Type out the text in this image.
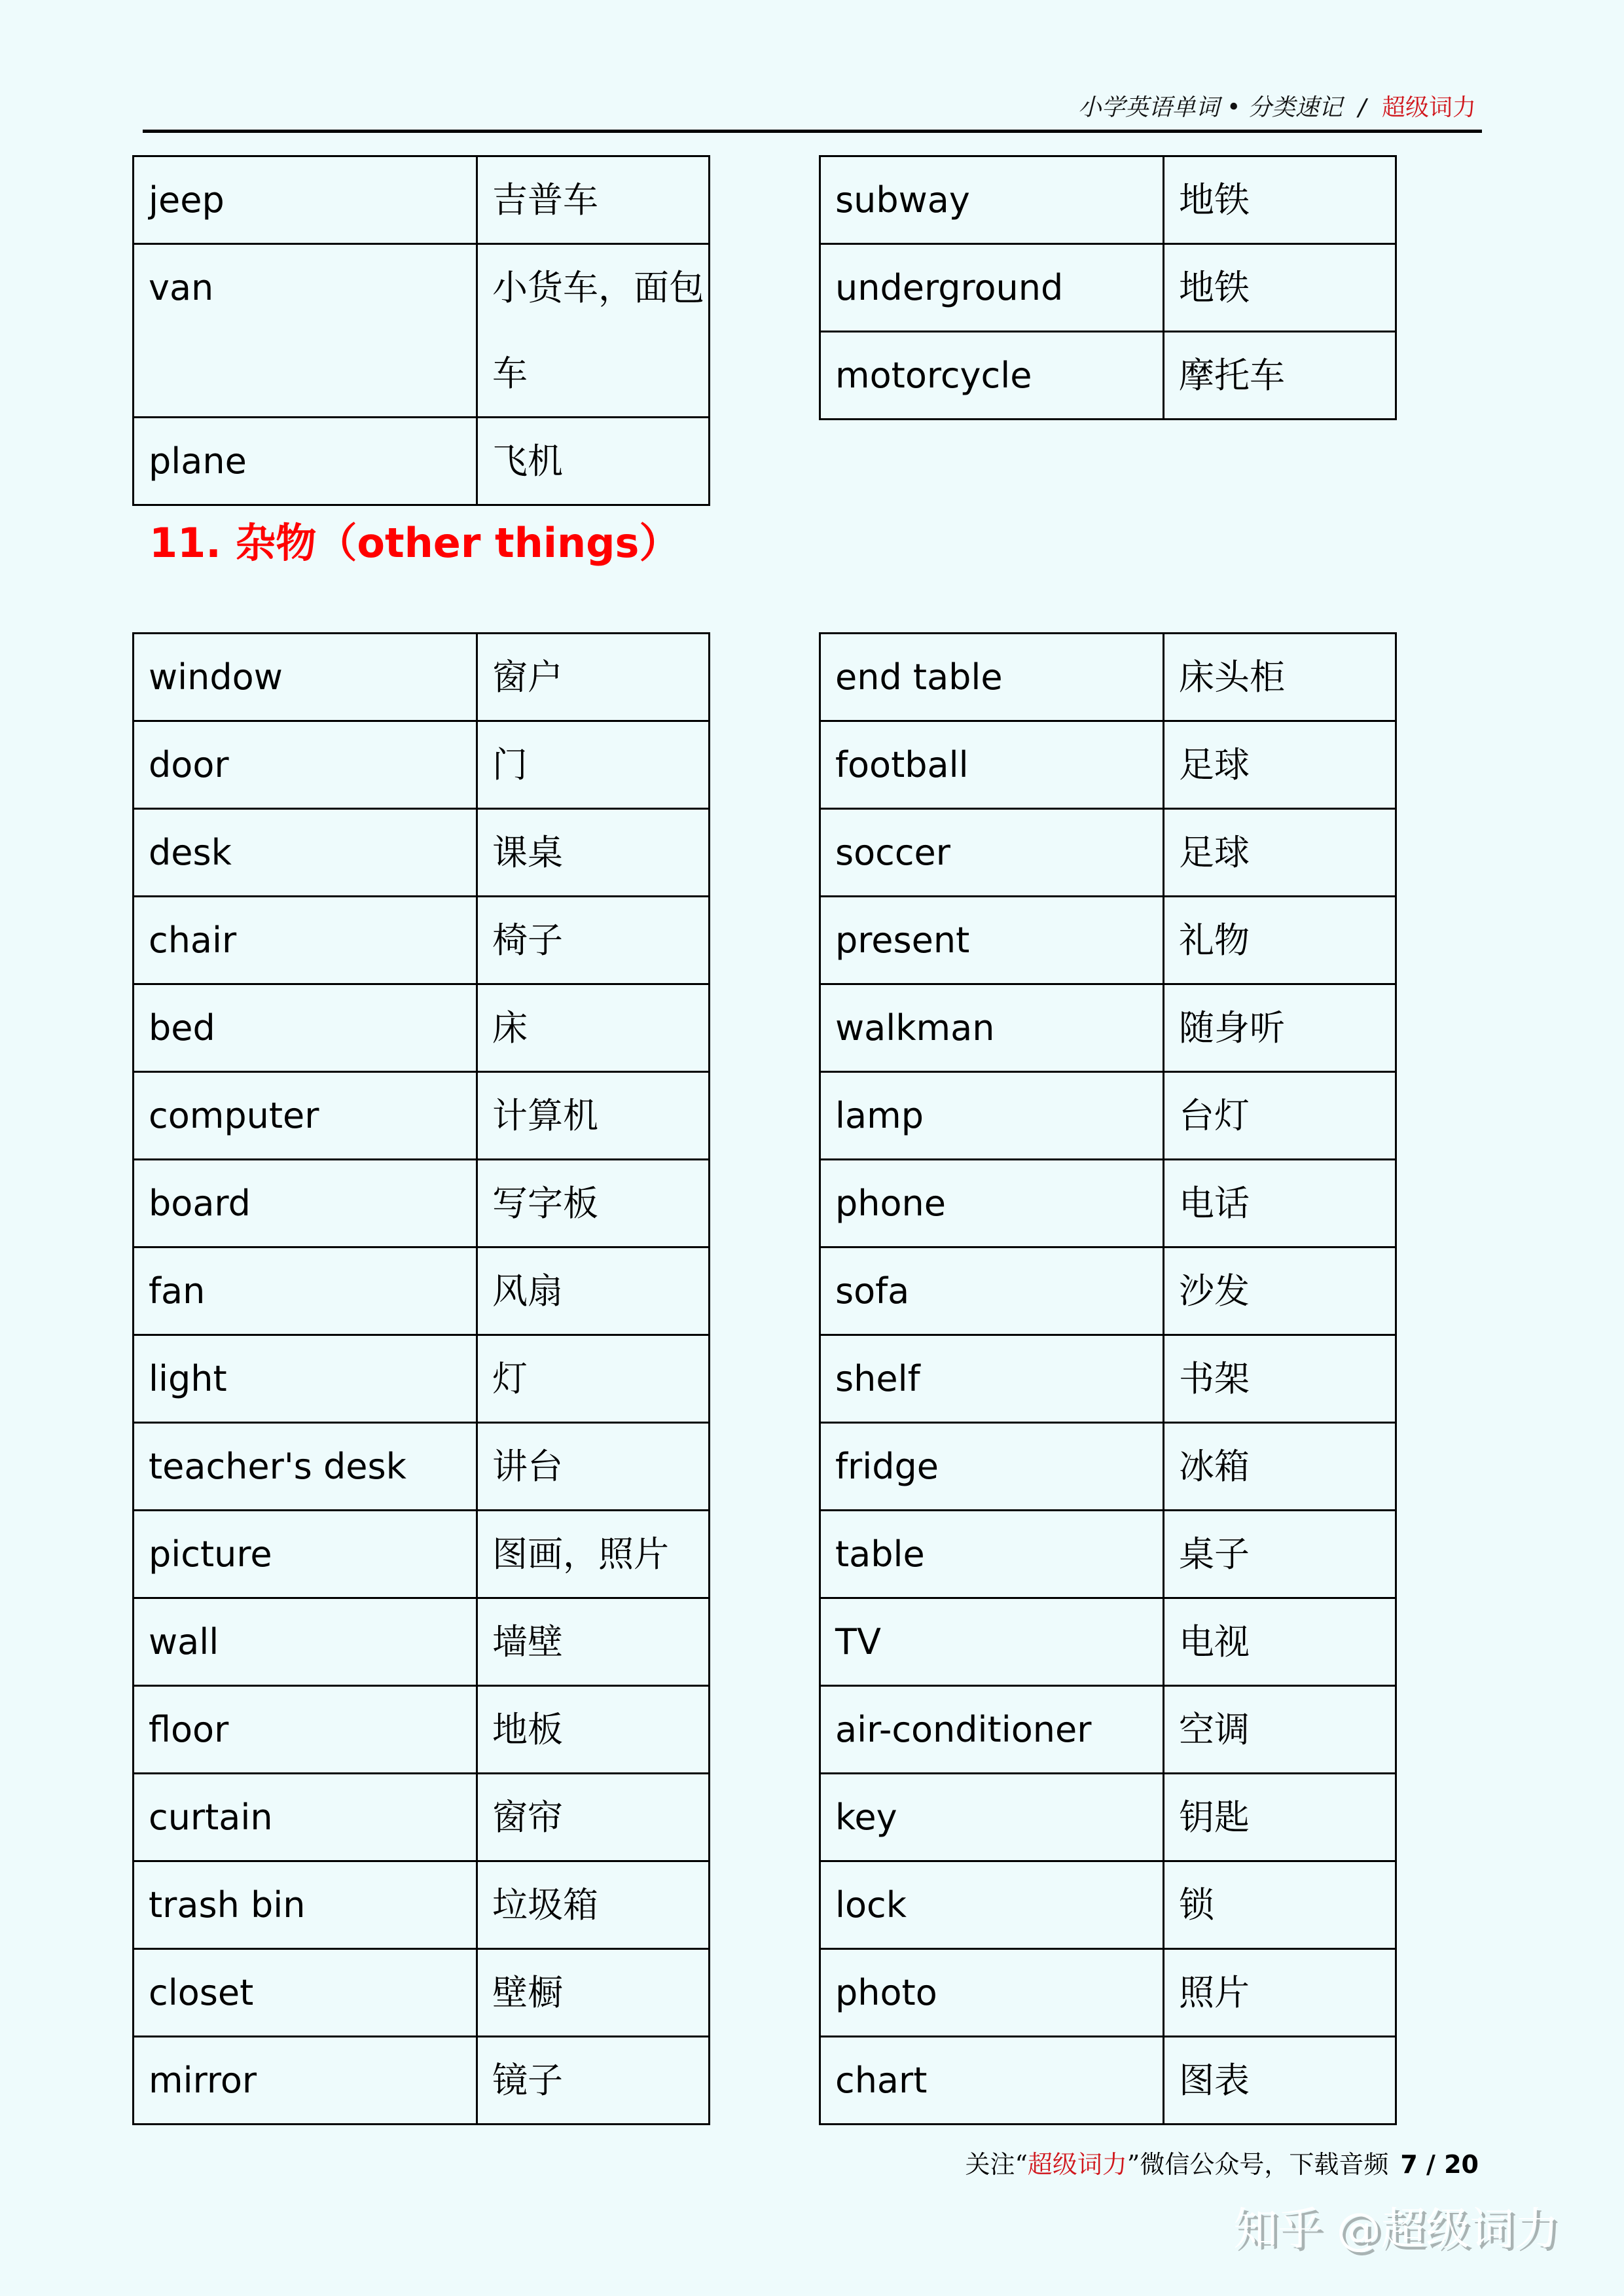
小学英语单词 • 分类速记 / 超级词力
jeep	吉普车
van	小货车，面包车
plane	飞机
subway	地铁
underground	地铁
motorcycle	摩托车
11. 杂物（other things）
window	窗户
door	门
desk	课桌
chair	椅子
bed	床
computer	计算机
board	写字板
fan	风扇
light	灯
teacher's desk	讲台
picture	图画，照片
wall	墙壁
floor	地板
curtain	窗帘
trash bin	垃圾箱
closet	壁橱
mirror	镜子
end table	床头柜
football	足球
soccer	足球
present	礼物
walkman	随身听
lamp	台灯
phone	电话
sofa	沙发
shelf	书架
fridge	冰箱
table	桌子
TV	电视
air-conditioner	空调
key	钥匙
lock	锁
photo	照片
chart	图表
关注“超级词力”微信公众号，下载音频 7 / 20
知乎 @超级词力
